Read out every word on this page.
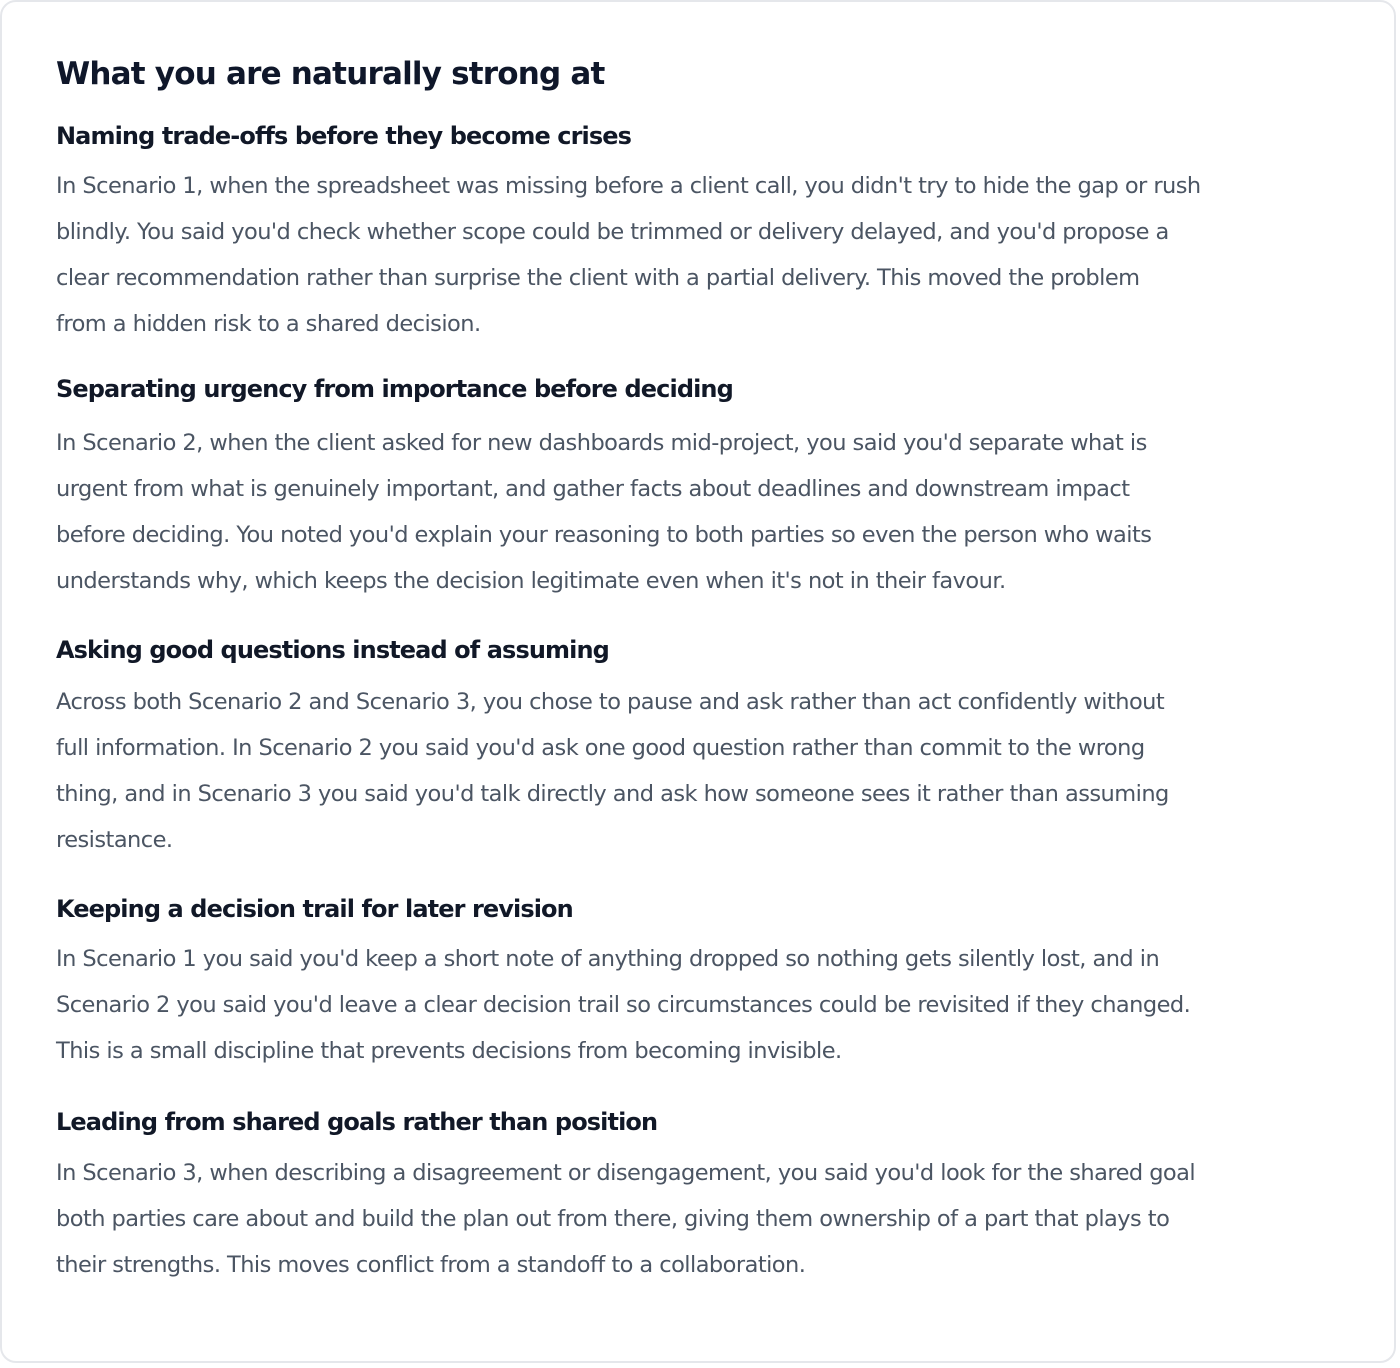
What you are naturally strong at
Naming trade-offs before they become crises

In Scenario 1, when the spreadsheet was missing before a client call, you didn't try to hide the gap or rush
blindly. You said you'd check whether scope could be trimmed or delivery delayed, and you'd propose a
clear recommendation rather than surprise the client with a partial delivery. This moved the problem
from a hidden risk to a shared decision.

Separating urgency from importance before deciding

In Scenario 2, when the client asked for new dashboards mid-project, you said you'd separate what is
urgent from what is genuinely important, and gather facts about deadlines and downstream impact
before deciding. You noted you'd explain your reasoning to both parties so even the person who waits
understands why, which keeps the decision legitimate even when it's not in their favour.

Asking good questions instead of assuming

Across both Scenario 2 and Scenario 3, you chose to pause and ask rather than act confidently without
full information. In Scenario 2 you said you'd ask one good question rather than commit to the wrong
thing, and in Scenario 3 you said you'd talk directly and ask how someone sees it rather than assuming
resistance.

Keeping a decision trail for later revision

In Scenario 1 you said you'd keep a short note of anything dropped so nothing gets silently lost, and in
Scenario 2 you said you'd leave a clear decision trail so circumstances could be revisited if they changed.
This is a small discipline that prevents decisions from becoming invisible.

Leading from shared goals rather than position

In Scenario 3, when describing a disagreement or disengagement, you said you'd look for the shared goal
both parties care about and build the plan out from there, giving them ownership of a part that plays to
their strengths. This moves conflict from a standoff to a collaboration.
